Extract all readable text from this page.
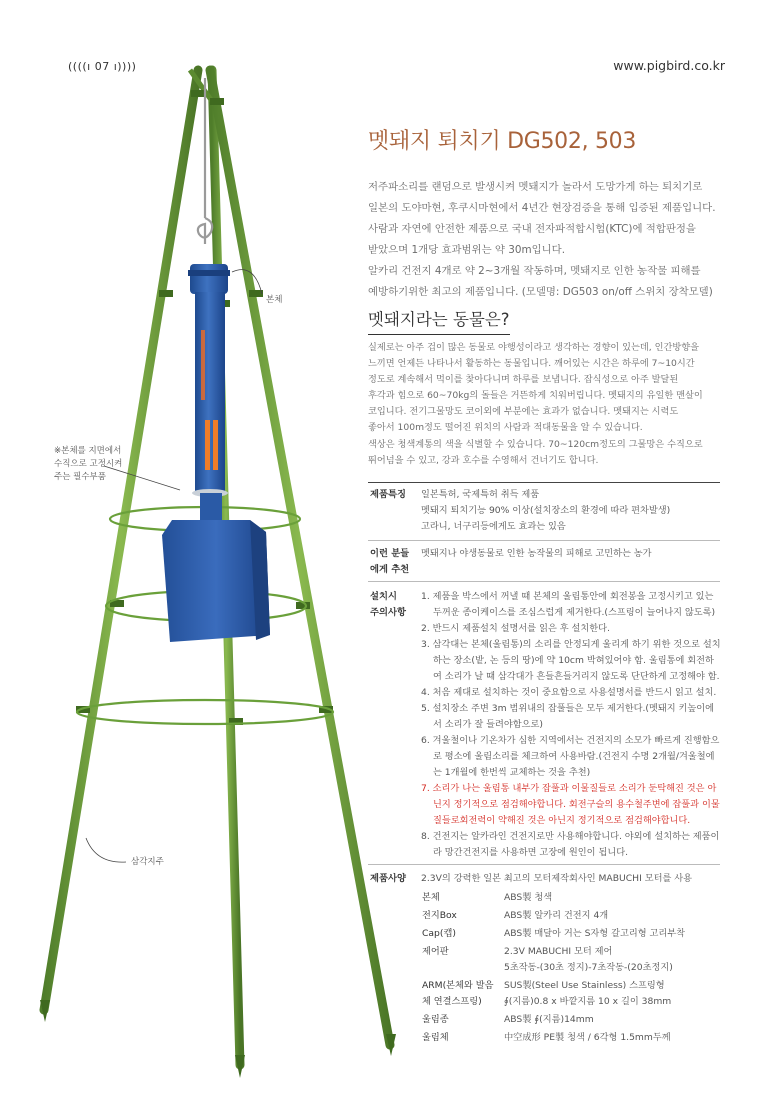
((((ı 07 ı))))	www.pigbird.co.kr
본체
※본체를 지면에서
수직으로 고정시켜
주는 필수부품
삼각지주
멧돼지 퇴치기 DG502, 503
저주파소리를 랜덤으로 발생시켜 멧돼지가 놀라서 도망가게 하는 퇴치기로
일본의 도야마현, 후쿠시마현에서 4년간 현장검증을 통해 입증된 제품입니다.
사람과 자연에 안전한 제품으로 국내 전자파적합시험(KTC)에 적합판정을
받았으며 1개당 효과범위는 약 30m입니다.
알카리 건전지 4개로 약 2~3개월 작동하며, 멧돼지로 인한 농작물 피해를
예방하기위한 최고의 제품입니다. (모델명: DG503 on/off 스위치 장착모델)
멧돼지라는 동물은?
실제로는 아주 겁이 많은 동물로 야행성이라고 생각하는 경향이 있는데, 인간방향을
느끼면 언제든 나타나서 활동하는 동물입니다. 깨어있는 시간은 하루에 7~10시간
정도로 계속해서 먹이를 찾아다니며 하루를 보냅니다. 잡식성으로 아주 발달된
후각과 힘으로 60~70kg의 돌들은 거뜬하게 치워버립니다. 멧돼지의 유일한 맨살이
코입니다. 전기그물망도 코이외에 부분에는 효과가 없습니다. 멧돼지는 시력도
좋아서 100m정도 떨어진 위치의 사람과 적대동물을 알 수 있습니다.
색상은 청색계통의 색을 식별할 수 있습니다. 70~120cm정도의 그물망은 수직으로
뛰어넘을 수 있고, 강과 호수를 수영해서 건너기도 합니다.
제품특징 일본특허, 국제특허 취득 제품
멧돼지 퇴치기능 90% 이상(설치장소의 환경에 따라 편차발생)
고라니, 너구리등에게도 효과는 있음
이런 분들
에게 추천
멧돼지나 야생동물로 인한 농작물의 피해로 고민하는 농가
설치시
주의사항
1. 제품을 박스에서 꺼낼 때 본체의 울림통안에 회전봉을 고정시키고 있는 두꺼운 종이케이스를 조심스럽게 제거한다.(스프링이 늘어나지 않도록)
2. 반드시 제품설치 설명서를 읽은 후 설치한다.
3. 삼각대는 본체(울림통)의 소리를 안정되게 울리게 하기 위한 것으로 설치하는 장소(밭, 논 등의 땅)에 약 10cm 박혀있어야 함. 울림통에 회전하여 소리가 날 때 삼각대가 흔들흔들거리지 않도록 단단하게 고정해야 함.
4. 처음 제대로 설치하는 것이 중요함으로 사용설명서를 반드시 읽고 설치.
5. 설치장소 주변 3m 범위내의 잡풀들은 모두 제거한다.(멧돼지 키높이에서 소리가 잘 들려야함으로)
6. 겨울철이나 기온차가 심한 지역에서는 건전지의 소모가 빠르게 진행함으로 평소에 울림소리를 체크하여 사용바람.(건전지 수명 2개월/겨울철에는 1개월에 한번씩 교체하는 것을 추천)
7. 소리가 나는 울림통 내부가 잡풀과 이물질들로 소리가 둔탁해진 것은 아닌지 정기적으로 점검해야합니다. 회전구슬의 용수철주변에 잡풀과 이물질들로회전력이 약해진 것은 아닌지 정기적으로 점검해야합니다.
8. 건전지는 알카라인 건전지로만 사용해야합니다. 야외에 설치하는 제품이라 망간건전지를 사용하면 고장에 원인이 됩니다.
제품사양 2.3V의 강력한 일본 최고의 모터제작회사인 MABUCHI 모터를 사용
본체	ABS製 청색
전지Box	ABS製 알카리 건전지 4개
Cap(캡)	ABS製 매달아 거는 S자형 갈고리형 고리부착
제어판	2.3V MABUCHI 모터 제어
5초작동-(30초 정지)-7초작동-(20초정지)

ARM(본체와 발음체 연결스프링)	SUS製(Steel Use Stainless) 스프링형
∮(지름)0.8 x 바깥지름 10 x 길이 38mm

울림종	ABS製 ∮(지름)14mm
울림체	中空成形 PE製 청색 / 6각형 1.5mm두께
